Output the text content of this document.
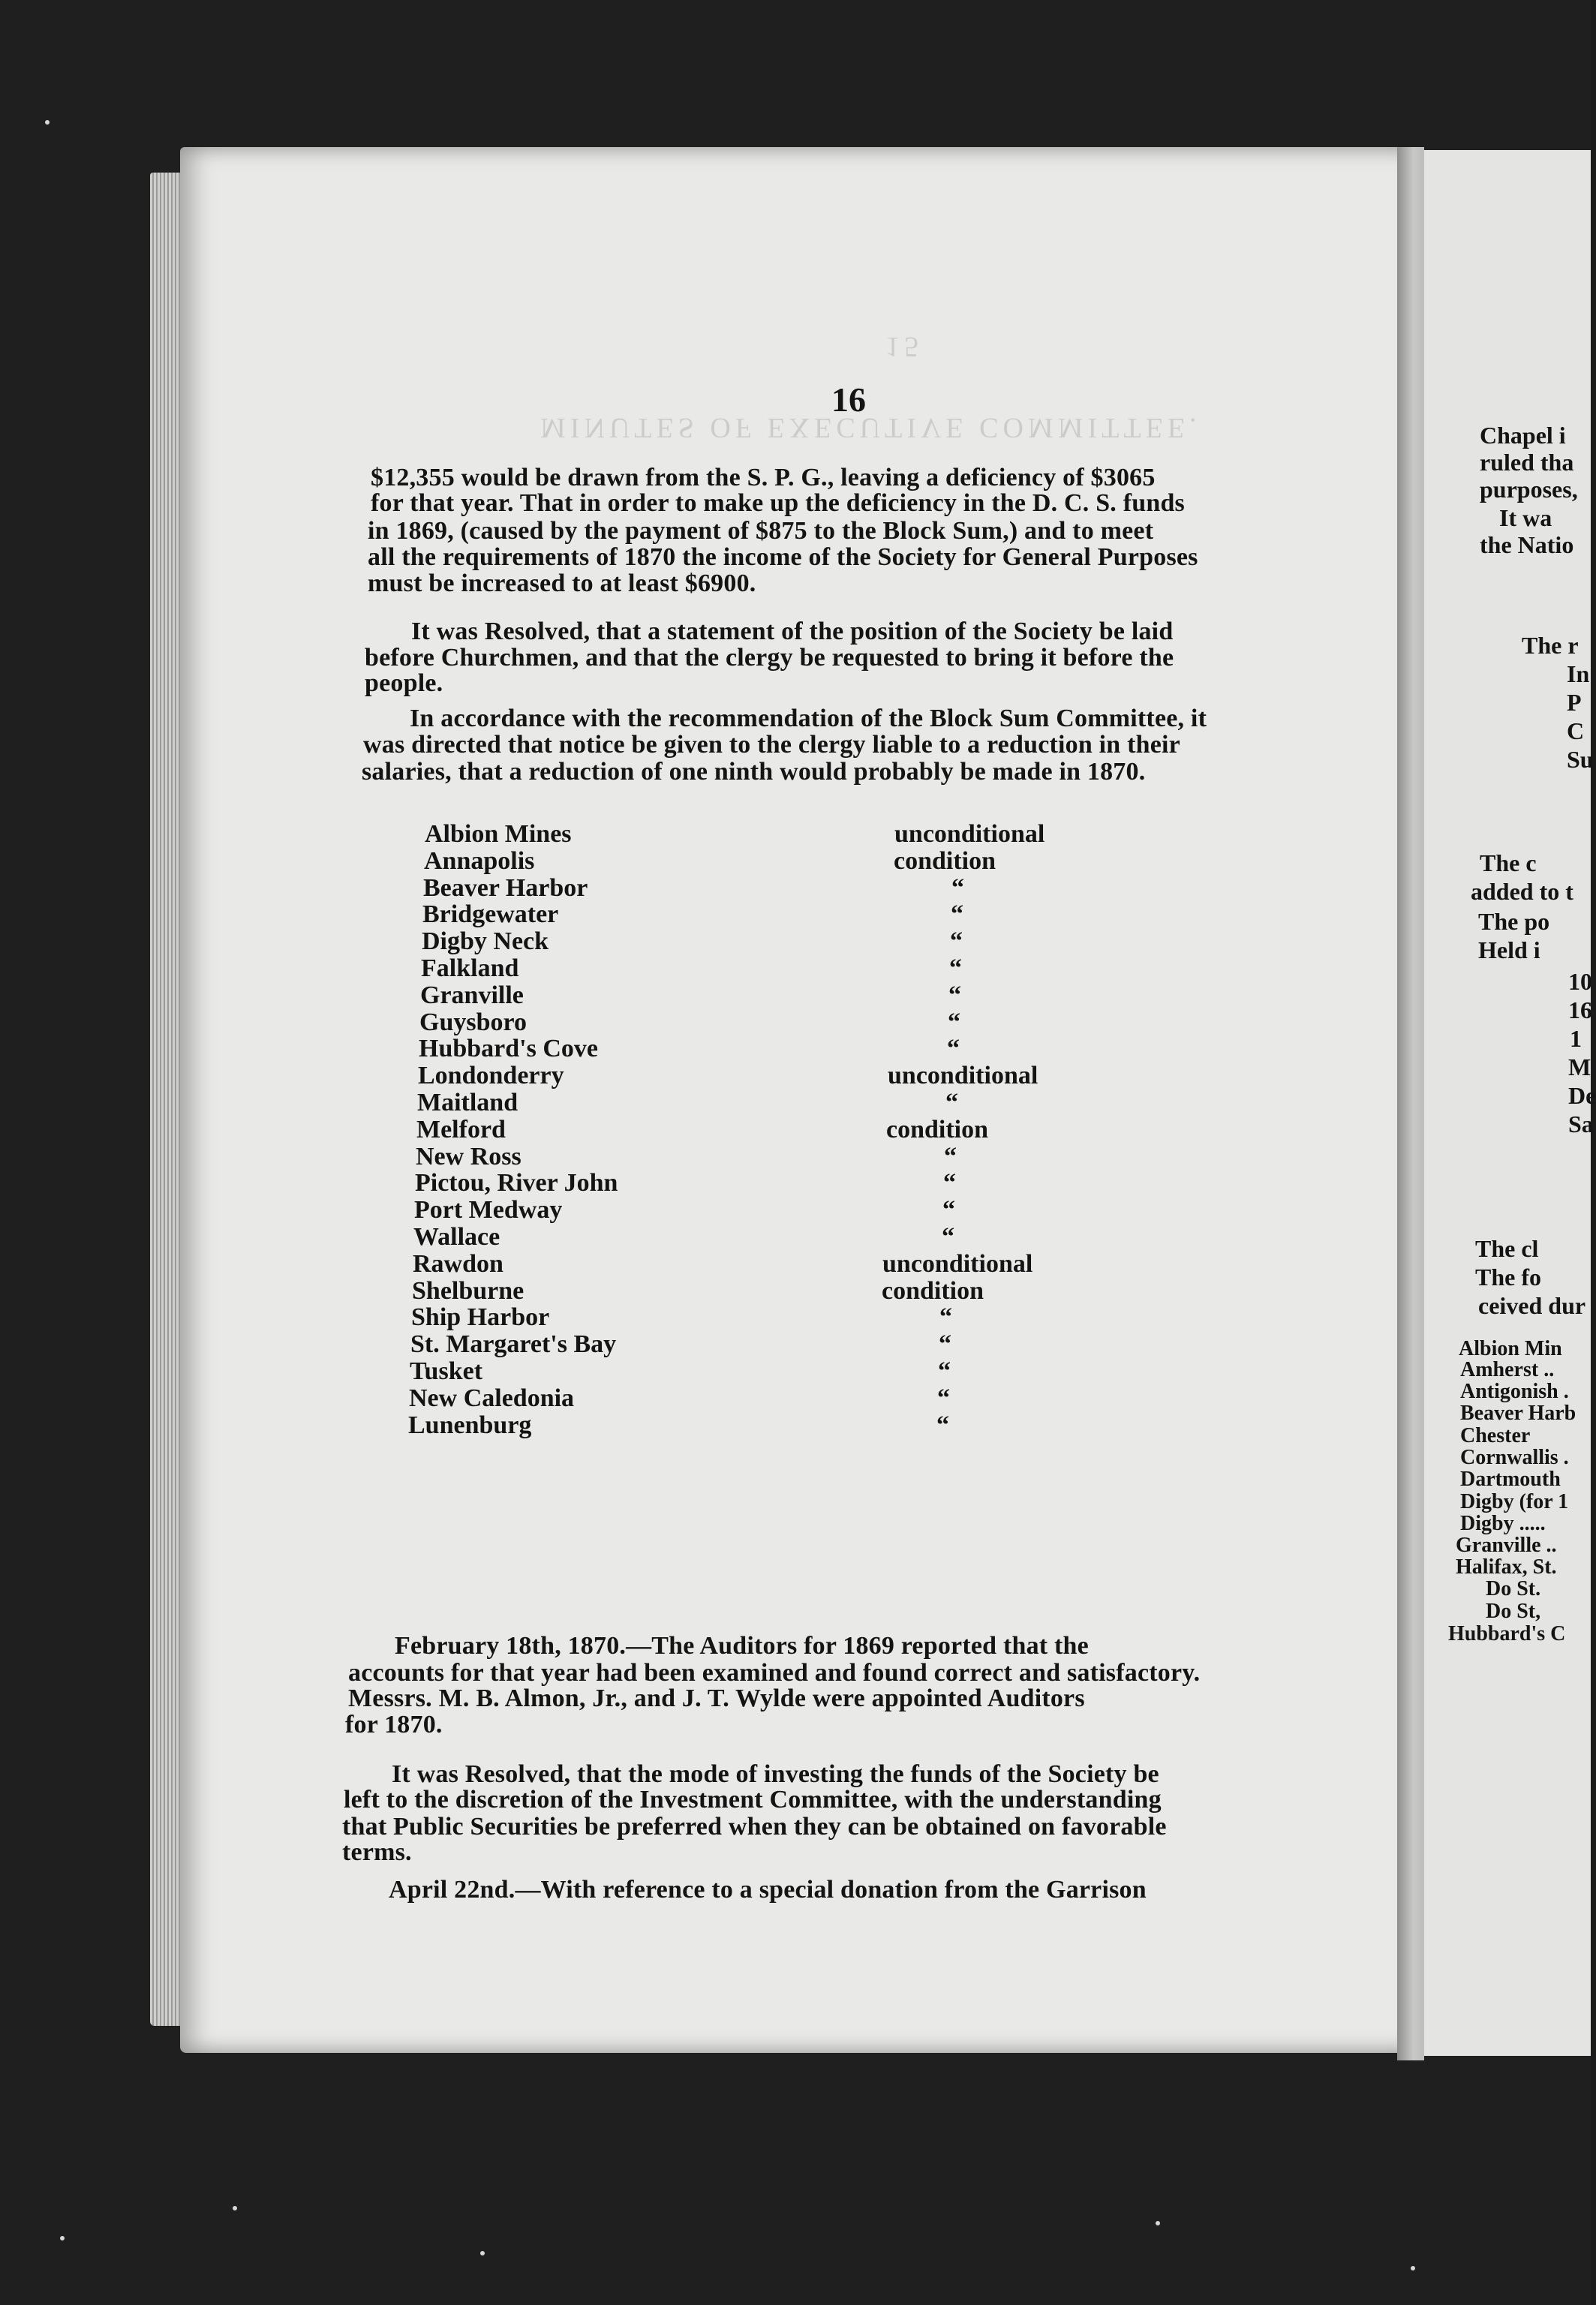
MINUTES OF EXECUTIVE COMMITTEE.
15
16
$12,355 would be drawn from the S. P. G., leaving a deficiency of $3065
for that year. That in order to make up the deficiency in the D. C. S. funds
in 1869, (caused by the payment of $875 to the Block Sum,) and to meet
all the requirements of 1870 the income of the Society for General Purposes
must be increased to at least $6900.
It was Resolved, that a statement of the position of the Society be laid
before Churchmen, and that the clergy be requested to bring it before the
people.
In accordance with the recommendation of the Block Sum Committee, it
was directed that notice be given to the clergy liable to a reduction in their
salaries, that a reduction of one ninth would probably be made in 1870.
Albion Mines	unconditional
Annapolis	condition
Beaver Harbor	“
Bridgewater	“
Digby Neck	“
Falkland	“
Granville	“
Guysboro	“
Hubbard's Cove	“
Londonderry	unconditional
Maitland	“
Melford	condition
New Ross	“
Pictou, River John	“
Port Medway	“
Wallace	“
Rawdon	unconditional
Shelburne	condition
Ship Harbor	“
St. Margaret's Bay	“
Tusket	“
New Caledonia	“
Lunenburg	“
February 18th, 1870.—The Auditors for 1869 reported that the
accounts for that year had been examined and found correct and satisfactory.
Messrs. M. B. Almon, Jr., and J. T. Wylde were appointed Auditors
for 1870.
It was Resolved, that the mode of investing the funds of the Society be
left to the discretion of the Investment Committee, with the understanding
that Public Securities be preferred when they can be obtained on favorable
terms.
April 22nd.—With reference to a special donation from the Garrison
Chapel i
ruled tha
purposes,
It wa
the Natio
The r
In
P
C
Su
The c
added to t
The po
Held i
10
16
1
M
De
Sa
The cl
The fo
ceived dur
Albion Min
Amherst ..
Antigonish .
Beaver Harb
Chester
Cornwallis .
Dartmouth
Digby (for 1
Digby .....
Granville ..
Halifax, St.
Do St.
Do St,
Hubbard's C
